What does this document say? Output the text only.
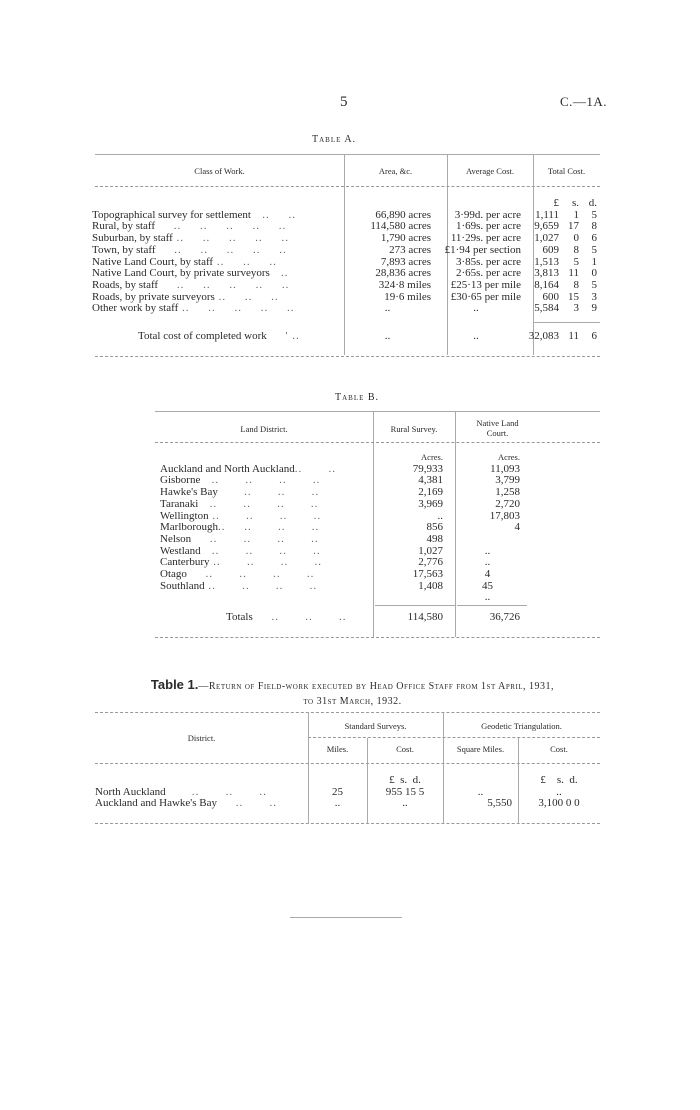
5	C.—1A.
Table A.
Class of Work.	Area, &c.	Average Cost.	Total Cost.
			£	s.	d.
Topographical survey for settlement   ..     ..	66,890 acres	3·99d. per acre	1,111	1	5
Rural, by staff     ..     ..     ..     ..     ..	114,580 acres	1·69s. per acre	9,659	17	8
Suburban, by staff ..     ..     ..     ..     ..	1,790 acres	11·29s. per acre	1,027	0	6
Town, by staff     ..     ..     ..     ..     ..	273 acres	£1·94 per section	609	8	5
Native Land Court, by staff ..     ..     ..	7,893 acres	3·85s. per acre	1,513	5	1
Native Land Court, by private surveyors   ..	28,836 acres	2·65s. per acre	3,813	11	0
Roads, by staff     ..     ..     ..     ..     ..	324·8 miles	£25·13 per mile	8,164	8	5
Roads, by private surveyors ..     ..     ..	19·6 miles	£30·65 per mile	600	15	3
Other work by staff ..     ..     ..     ..     ..	..	..	5,584	3	9
Total cost of completed work     ' ..	..	..	32,083	11	6
Table B.
Land District.	Rural Survey.
Native Land Court.
	Acres.		Acres.
Auckland and North Auckland..       ..	79,933		11,093
Gisborne   ..       ..       ..       ..	4,381		3,799
Hawke's Bay       ..       ..       ..	2,169		1,258
Taranaki   ..       ..       ..       ..	3,969		2,720
Wellington ..       ..       ..       ..	..		17,803
Marlborough..     ..       ..       ..	856		4
Nelson     ..       ..       ..       ..	498		
Westland   ..       ..       ..       ..	1,027		..
Canterbury ..       ..       ..       ..	2,776		..
Otago     ..       ..       ..       ..	17,563		4
Southland ..       ..       ..       ..	1,408		45
			..
Totals     ..       ..       ..	114,580		36,726
Table 1.—Return of Field-work executed by Head Office Staff from 1st April, 1931,
to 31st March, 1932.
District.
Standard Surveys.	Geodetic Triangulation.
Miles.	Cost.	Square Miles.	Cost.
		£ s. d.		£ s. d.
North Auckland       ..       ..       ..	25	955 15 5	..	..
Auckland and Hawke's Bay     ..       ..	..	..	5,550	3,100 0 0
